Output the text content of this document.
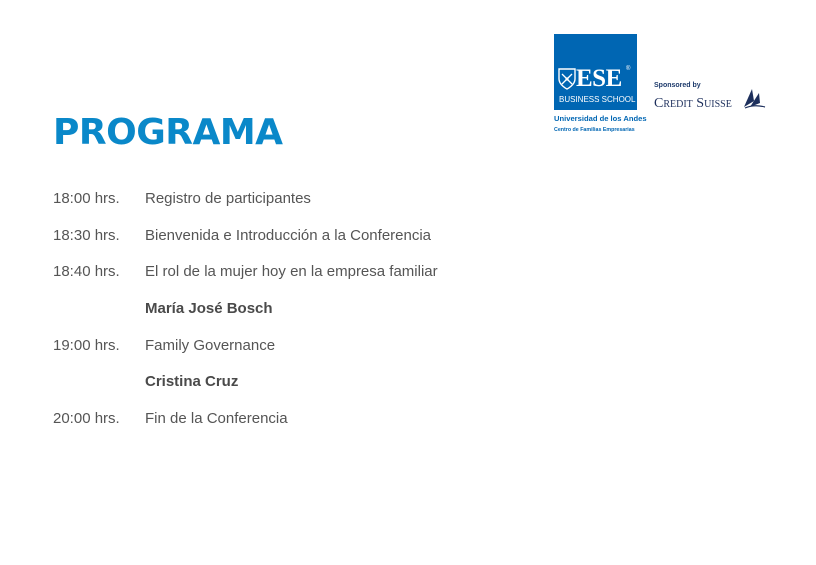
PROGRAMA
18:00 hrs. Registro de participantes
18:30 hrs. Bienvenida e Introducción a la Conferencia
18:40 hrs. El rol de la mujer hoy en la empresa familiar
María José Bosch
19:00 hrs. Family Governance
Cristina Cruz
20:00 hrs. Fin de la Conferencia
ESE ®
BUSINESS SCHOOL
Universidad de los Andes
Centro de Familias Empresarias
Sponsored by
Credit Suisse
